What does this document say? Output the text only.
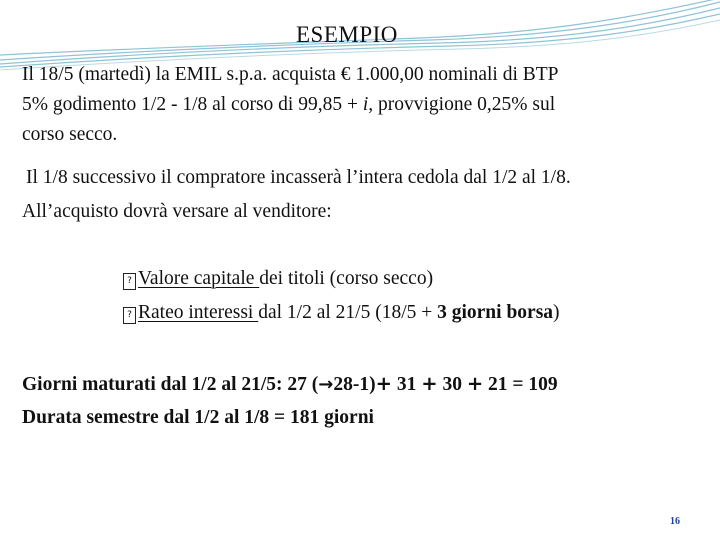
ESEMPIO
Il 18/5 (martedì) la EMIL s.p.a. acquista € 1.000,00 nominali di BTP
5% godimento 1/2 - 1/8 al corso di 99,85 + i, provvigione 0,25% sul
corso secco.
Il 1/8 successivo il compratore incasserà l’intera cedola dal 1/2 al 1/8.
All’acquisto dovrà versare al venditore:
? Valore capitale dei titoli (corso secco)
? Rateo interessi dal 1/2 al 21/5 (18/5 + 3 giorni borsa)
Giorni maturati dal 1/2 al 21/5: 27 (→28-1)+ 31 + 30 + 21 = 109
Durata semestre dal 1/2 al 1/8 = 181 giorni
16
